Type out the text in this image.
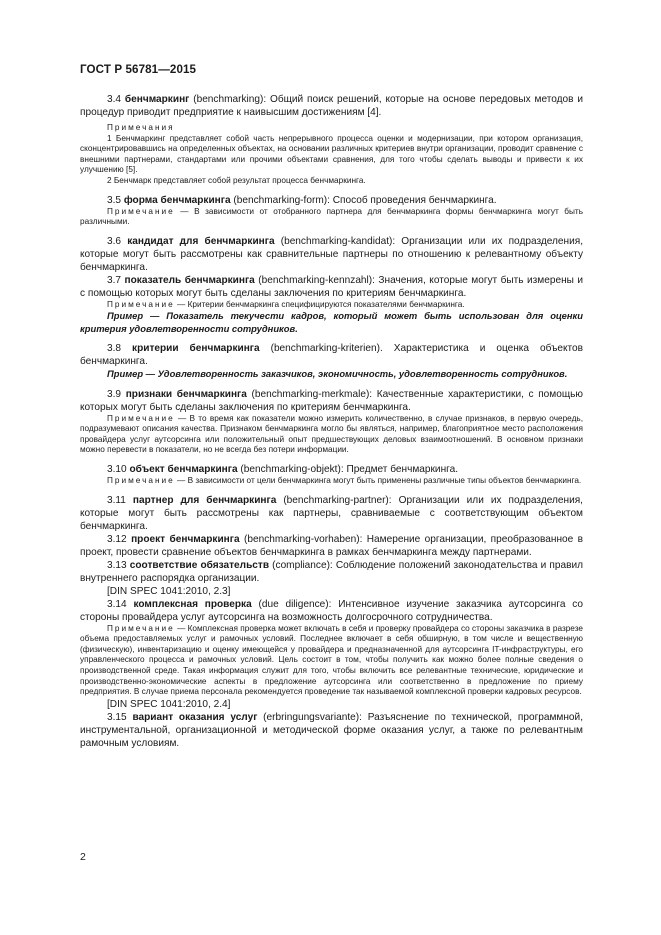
ГОСТ Р 56781—2015

3.4 бенчмаркинг (benchmarking): Общий поиск решений, которые на основе передовых методов и процедур приводит предприятие к наивысшим достижениям [4].

Примечания

1 Бенчмаркинг представляет собой часть непрерывного процесса оценки и модернизации, при котором организация, сконцентрировавшись на определенных объектах, на основании различных критериев внутри организации, проводит сравнение с внешними партнерами, стандартами или прочими объектами сравнения, для того чтобы сделать выводы и привести к их улучшению [5].

2 Бенчмарк представляет собой результат процесса бенчмаркинга.

3.5 форма бенчмаркинга (benchmarking-form): Способ проведения бенчмаркинга.

Примечание — В зависимости от отобранного партнера для бенчмаркинга формы бенчмаркинга могут быть различными.

3.6 кандидат для бенчмаркинга (benchmarking-kandidat): Организации или их подразделения, которые могут быть рассмотрены как сравнительные партнеры по отношению к релевантному объекту бенчмаркинга.

3.7 показатель бенчмаркинга (benchmarking-kennzahl): Значения, которые могут быть измерены и с помощью которых могут быть сделаны заключения по критериям бенчмаркинга.

Примечание — Критерии бенчмаркинга специфицируются показателями бенчмаркинга.

Пример — Показатель текучести кадров, который может быть использован для оценки критерия удовлетворенности сотрудников.

3.8 критерии бенчмаркинга (benchmarking-kriterien). Характеристика и оценка объектов бенчмаркинга.

Пример — Удовлетворенность заказчиков, экономичность, удовлетворенность сотрудников.

3.9 признаки бенчмаркинга (benchmarking-merkmale): Качественные характеристики, с помощью которых могут быть сделаны заключения по критериям бенчмаркинга.

Примечание — В то время как показатели можно измерить количественно, в случае признаков, в первую очередь, подразумевают описания качества. Признаком бенчмаркинга могло бы являться, например, благоприятное место расположения провайдера услуг аутсорсинга или положительный опыт предшествующих деловых взаимоотношений. В основном признаки можно перевести в показатели, но не всегда без потери информации.

3.10 объект бенчмаркинга (benchmarking-objekt): Предмет бенчмаркинга.

Примечание — В зависимости от цели бенчмаркинга могут быть применены различные типы объектов бенчмаркинга.

3.11 партнер для бенчмаркинга (benchmarking-partner): Организации или их подразделения, которые могут быть рассмотрены как партнеры, сравниваемые с соответствующим объектом бенчмаркинга.

3.12 проект бенчмаркинга (benchmarking-vorhaben): Намерение организации, преобразованное в проект, провести сравнение объектов бенчмаркинга в рамках бенчмаркинга между партнерами.

3.13 соответствие обязательств (compliance): Соблюдение положений законодательства и правил внутреннего распорядка организации.

[DIN SPEC 1041:2010, 2.3]

3.14 комплексная проверка (due diligence): Интенсивное изучение заказчика аутсорсинга со стороны провайдера услуг аутсорсинга на возможность долгосрочного сотрудничества.

Примечание — Комплексная проверка может включать в себя и проверку провайдера со стороны заказчика в разрезе объема предоставляемых услуг и рамочных условий. Последнее включает в себя обширную, в том числе и вещественную (физическую), инвентаризацию и оценку имеющейся у провайдера и предназначенной для аутсорсинга IT-инфраструктуры, его управленческого процесса и рамочных условий. Цель состоит в том, чтобы получить как можно более полные сведения о производственной среде. Такая информация служит для того, чтобы включить все релевантные технические, юридические и производственно-экономические аспекты в предложение аутсорсинга или соответственно в предложение по приему предприятия. В случае приема персонала рекомендуется проведение так называемой комплексной проверки кадровых ресурсов.

[DIN SPEC 1041:2010, 2.4]

3.15 вариант оказания услуг (erbringungsvariante): Разъяснение по технической, программной, инструментальной, организационной и методической форме оказания услуг, а также по релевантным рамочным условиям.

2
